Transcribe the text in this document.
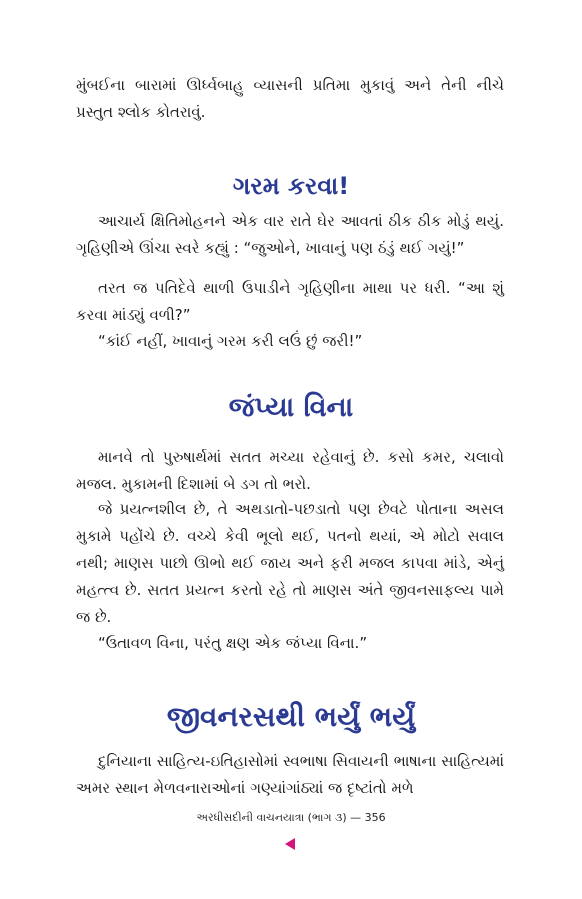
મુંબઈના બારામાં ઊર્ધ્વબાહુ વ્યાસની પ્રતિમા મુકાવું અને તેની નીચે પ્રસ્તુત શ્લોક કોતરાવું.

ગરમ કરવા!

આચાર્ય ક્ષિતિમોહનને એક વાર રાતે ઘેર આવતાં ઠીક ઠીક મોડું થયું. ગૃહિણીએ ઊંચા સ્વરે કહ્યું : “જુઓને, ખાવાનું પણ ઠંડું થઈ ગયું!”

તરત જ પતિદેવે થાળી ઉપાડીને ગૃહિણીના માથા પર ધરી. “આ શું કરવા માંડ્યું વળી?”

“કાંઈ નહીં, ખાવાનું ગરમ કરી લઉં છું જરી!”

જંપ્યા વિના

માનવે તો પુરુષાર્થમાં સતત મચ્યા રહેવાનું છે. કસો કમર, ચલાવો મજલ. મુકામની દિશામાં બે ડગ તો ભરો.

જે પ્રયત્નશીલ છે, તે અથડાતો-પછડાતો પણ છેવટે પોતાના અસલ મુકામે પહોંચે છે. વચ્ચે કેવી ભૂલો થઈ, પતનો થયાં, એ મોટો સવાલ નથી; માણસ પાછો ઊભો થઈ જાય અને ફરી મજલ કાપવા માંડે, એનું મહત્ત્વ છે. સતત પ્રયત્ન કરતો રહે તો માણસ અંતે જીવનસાફલ્ય પામે જ છે.

“ઉતાવળ વિના, પરંતુ ક્ષણ એક જંપ્યા વિના.”

જીવનરસથી ભર્યું ભર્યું

દુનિયાના સાહિત્ય-ઇતિહાસોમાં સ્વભાષા સિવાયની ભાષાના સાહિત્યમાં અમર સ્થાન મેળવનારાઓનાં ગણ્યાંગાંઠ્યાં જ દૃષ્ટાંતો મળે

અરધીસદીની વાચનયાત્રા (ભાગ ૩) — 356
